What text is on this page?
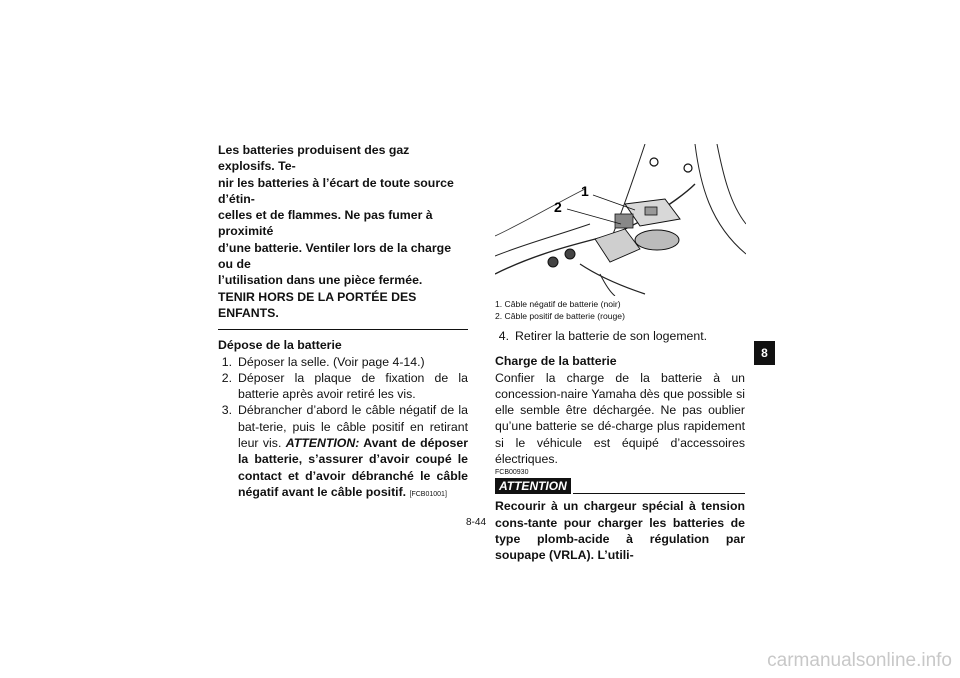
Les batteries produisent des gaz explosifs. Te-
nir les batteries à l’écart de toute source d’étin-
celles et de flammes. Ne pas fumer à proximité
d’une batterie. Ventiler lors de la charge ou de
l’utilisation dans une pièce fermée.
TENIR HORS DE LA PORTÉE DES ENFANTS.
Dépose de la batterie
1. Déposer la selle. (Voir page 4-14.)
2. Déposer la plaque de fixation de la batterie après avoir retiré les vis.
3. Débrancher d’abord le câble négatif de la bat-terie, puis le câble positif en retirant leur vis. ATTENTION: Avant de déposer la batterie, s’assurer d’avoir coupé le contact et d’avoir débranché le câble négatif avant le câble positif. [FCB01001]
1
2
1. Câble négatif de batterie (noir)
2. Câble positif de batterie (rouge)
4. Retirer la batterie de son logement.
Charge de la batterie
Confier la charge de la batterie à un concession-naire Yamaha dès que possible si elle semble être déchargée. Ne pas oublier qu’une batterie se dé-charge plus rapidement si le véhicule est équipé d’accessoires électriques.
FCB00930
ATTENTION
Recourir à un chargeur spécial à tension cons-tante pour charger les batteries de type plomb-acide à régulation par soupape (VRLA). L’utili-
8
8-44
carmanualsonline.info
